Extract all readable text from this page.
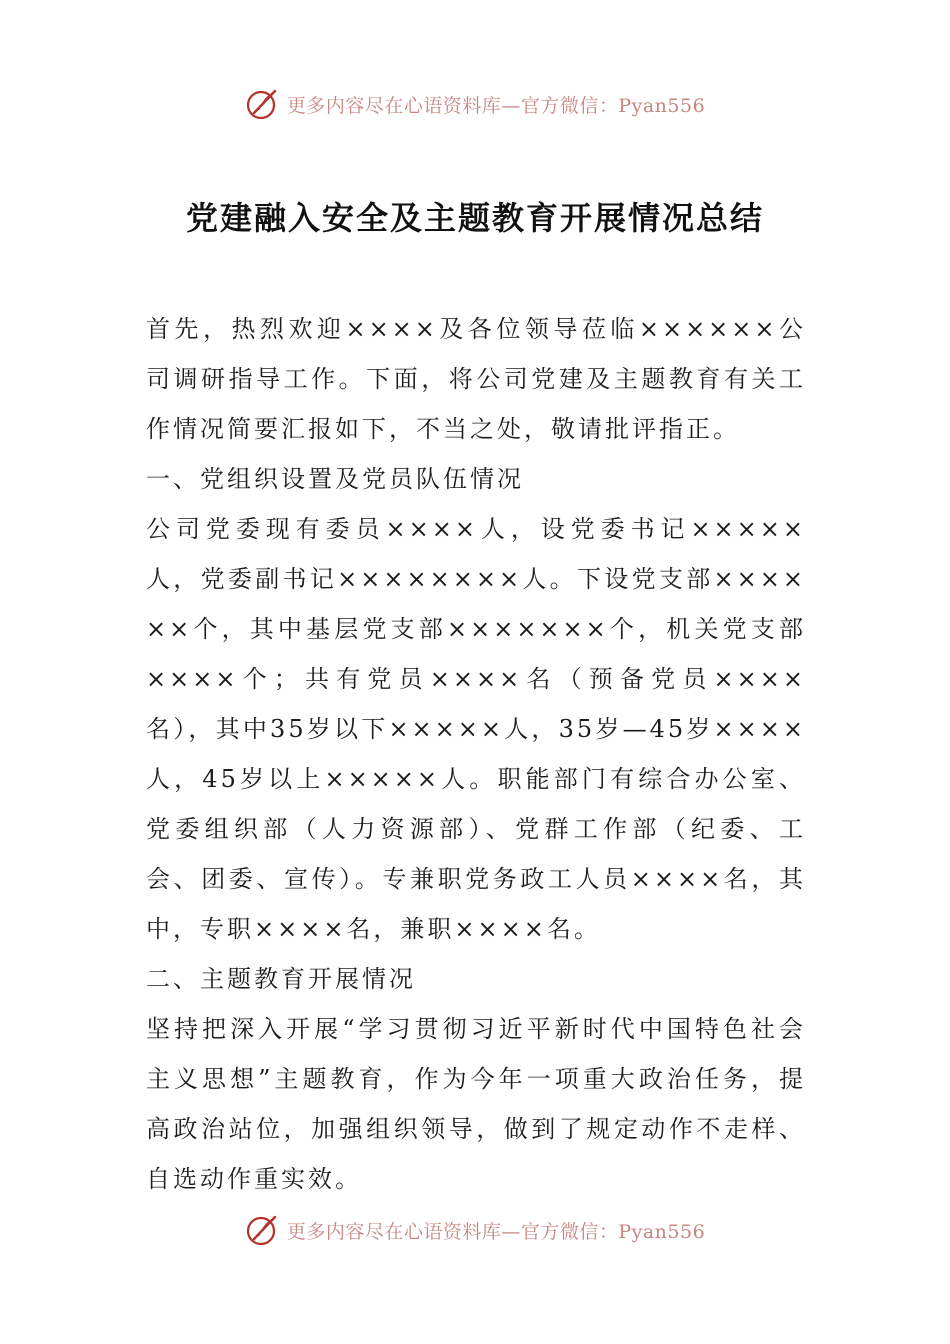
更多内容尽在心语资料库—官方微信：Pyan556
党建融入安全及主题教育开展情况总结

首先，热烈欢迎××××及各位领导莅临××××××公司调研指导工作。下面，将公司党建及主题教育有关工作情况简要汇报如下，不当之处，敬请批评指正。

一、党组织设置及党员队伍情况

公司党委现有委员××××人，设党委书记×××××人，党委副书记××××××××人。下设党支部××××××个，其中基层党支部×××××××个，机关党支部××××个；共有党员××××名（预备党员××××名），其中35岁以下×××××人，35岁—45岁××××人，45岁以上×××××人。职能部门有综合办公室、党委组织部（人力资源部）、党群工作部（纪委、工会、团委、宣传）。专兼职党务政工人员××××名，其中，专职××××名，兼职××××名。

二、主题教育开展情况

坚持把深入开展“学习贯彻习近平新时代中国特色社会主义思想”主题教育，作为今年一项重大政治任务，提高政治站位，加强组织领导，做到了规定动作不走样、自选动作重实效。

更多内容尽在心语资料库—官方微信：Pyan556
